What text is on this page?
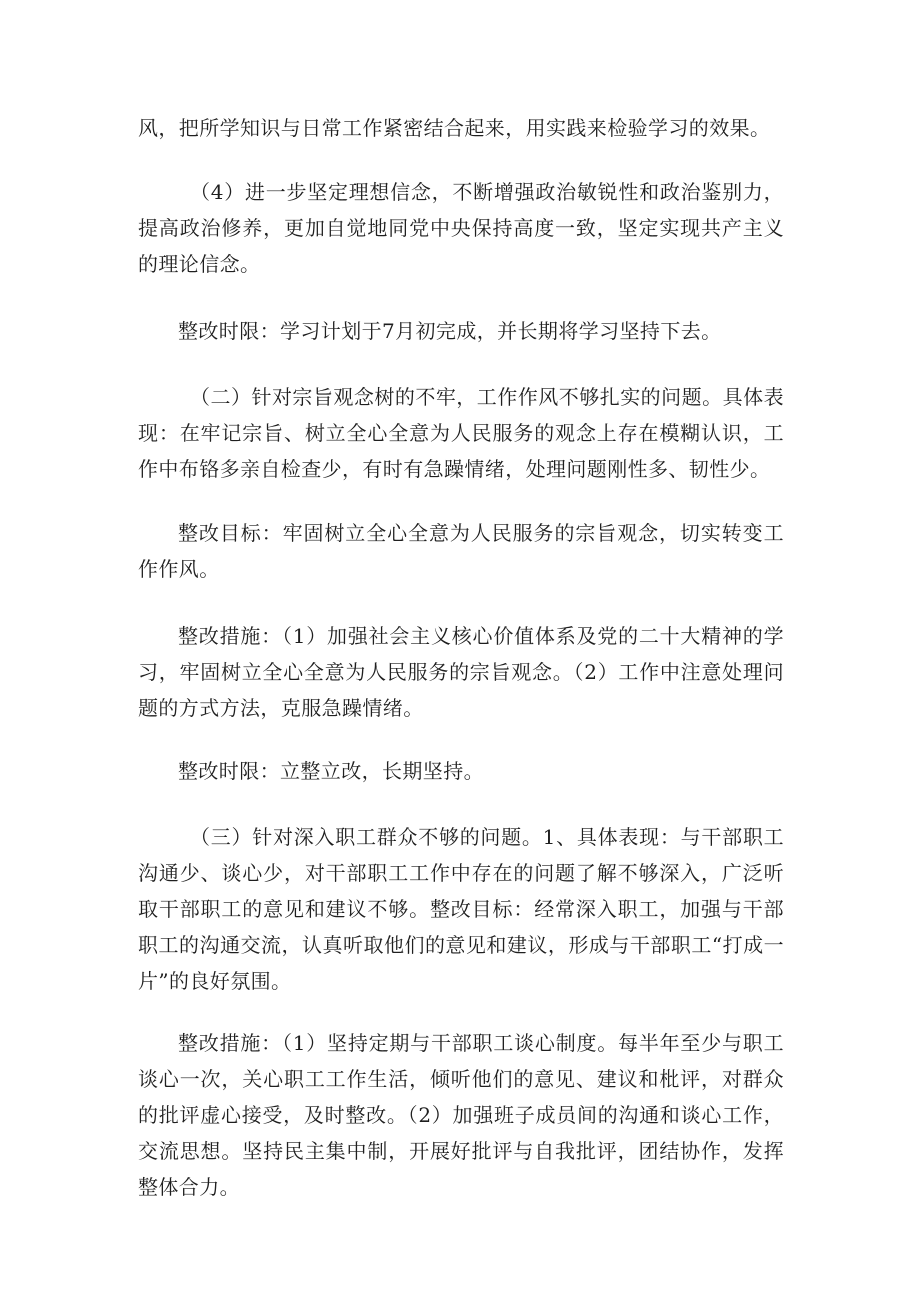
风，把所学知识与日常工作紧密结合起来，用实践来检验学习的效果。

（4）进一步坚定理想信念，不断增强政治敏锐性和政治鉴别力，提高政治修养，更加自觉地同党中央保持高度一致，坚定实现共产主义的理论信念。

整改时限：学习计划于7月初完成，并长期将学习坚持下去。

（二）针对宗旨观念树的不牢，工作作风不够扎实的问题。具体表现：在牢记宗旨、树立全心全意为人民服务的观念上存在模糊认识，工作中布铬多亲自检查少，有时有急躁情绪，处理问题刚性多、韧性少。

整改目标：牢固树立全心全意为人民服务的宗旨观念，切实转变工作作风。

整改措施：（1）加强社会主义核心价值体系及党的二十大精神的学习，牢固树立全心全意为人民服务的宗旨观念。（2）工作中注意处理问题的方式方法，克服急躁情绪。

整改时限：立整立改，长期坚持。

（三）针对深入职工群众不够的问题。1、具体表现：与干部职工沟通少、谈心少，对干部职工工作中存在的问题了解不够深入，广泛听取干部职工的意见和建议不够。整改目标：经常深入职工，加强与干部职工的沟通交流，认真听取他们的意见和建议，形成与干部职工“打成一片”的良好氛围。

整改措施：（1）坚持定期与干部职工谈心制度。每半年至少与职工谈心一次，关心职工工作生活，倾听他们的意见、建议和枇评，对群众的批评虚心接受，及时整改。（2）加强班子成员间的沟通和谈心工作，交流思想。坚持民主集中制，开展好批评与自我批评，团结协作，发挥整体合力。
